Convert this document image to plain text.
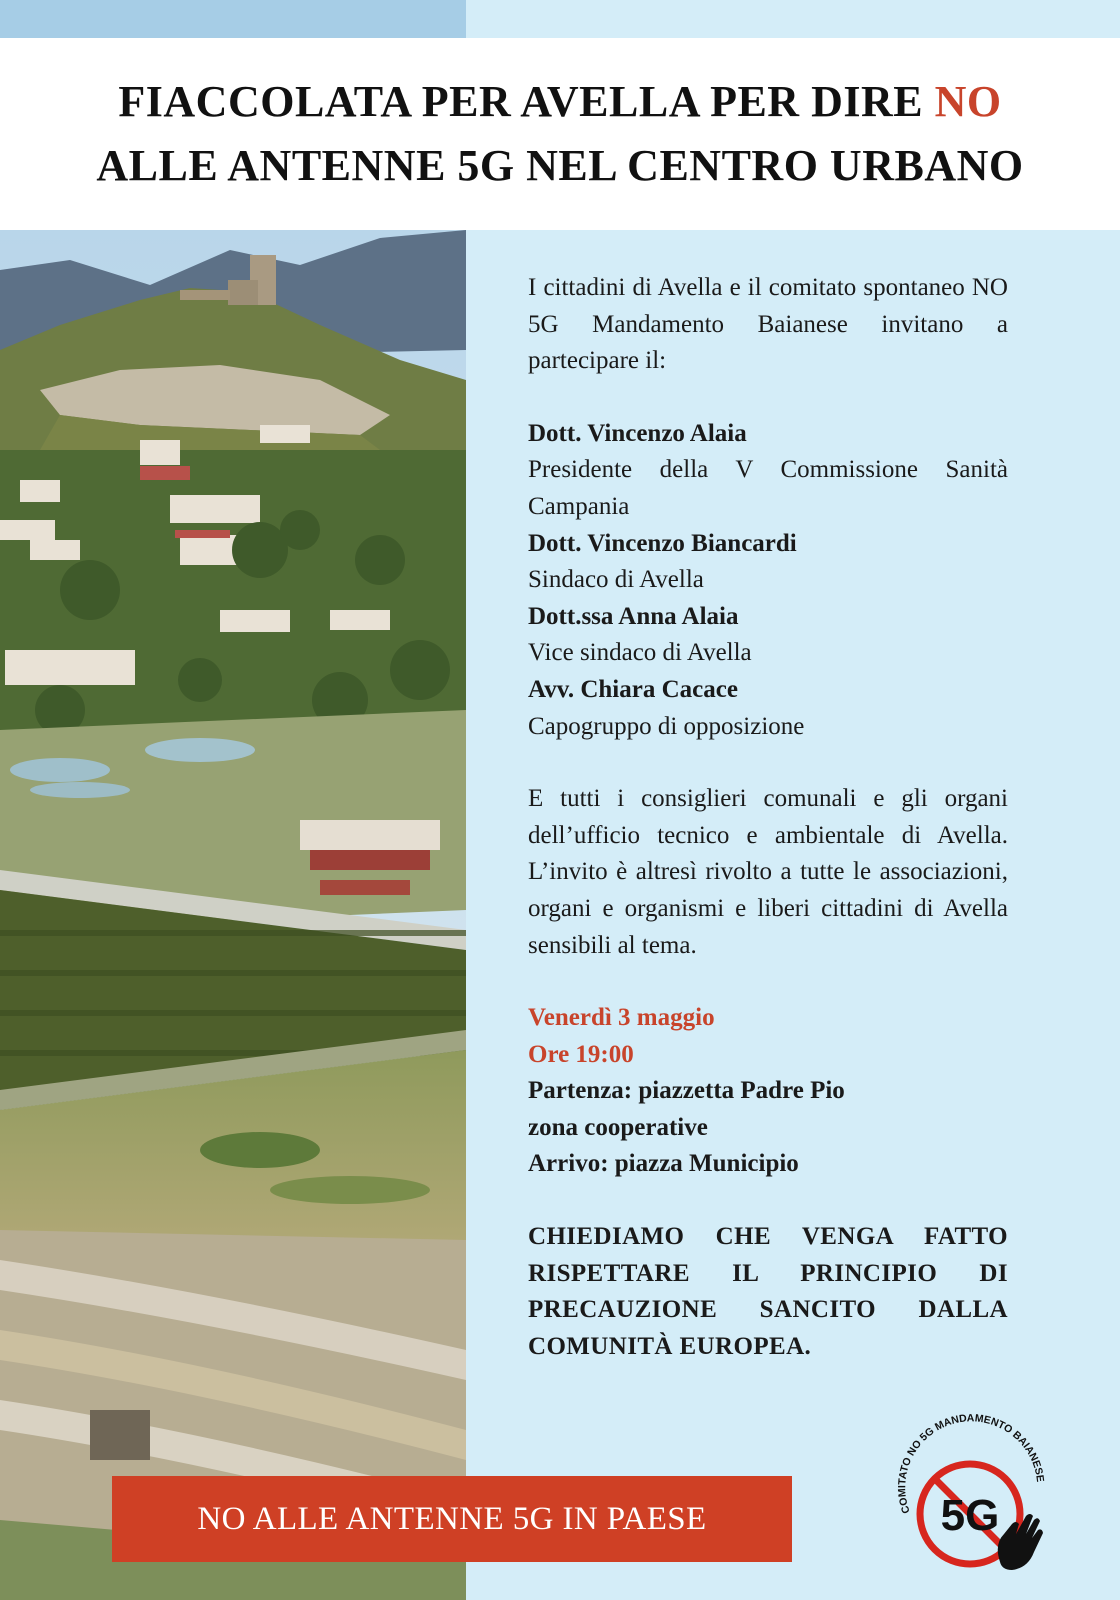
FIACCOLATA PER AVELLA PER DIRE NO
ALLE ANTENNE 5G NEL CENTRO URBANO

I cittadini di Avella e il comitato spontaneo NO 5G Mandamento Baianese invitano a partecipare il:

Dott. Vincenzo Alaia

Presidente della V Commissione Sanità Campania

Dott. Vincenzo Biancardi

Sindaco di Avella

Dott.ssa Anna Alaia

Vice sindaco di Avella

Avv. Chiara Cacace

Capogruppo di opposizione

E tutti i consiglieri comunali e gli organi dell’ufficio tecnico e ambientale di Avella. L’invito è altresì rivolto a tutte le associazioni, organi e organismi e liberi cittadini di Avella sensibili al tema.

Venerdì 3 maggio

Ore 19:00

Partenza: piazzetta Padre Pio

zona cooperative

Arrivo: piazza Municipio

CHIEDIAMO CHE VENGA FATTO RISPETTARE IL PRINCIPIO DI PRECAUZIONE SANCITO DALLA COMUNITÀ EUROPEA.

NO ALLE ANTENNE 5G IN PAESE	COMITATO NO 5G MANDAMENTO BAIANESE
5G
